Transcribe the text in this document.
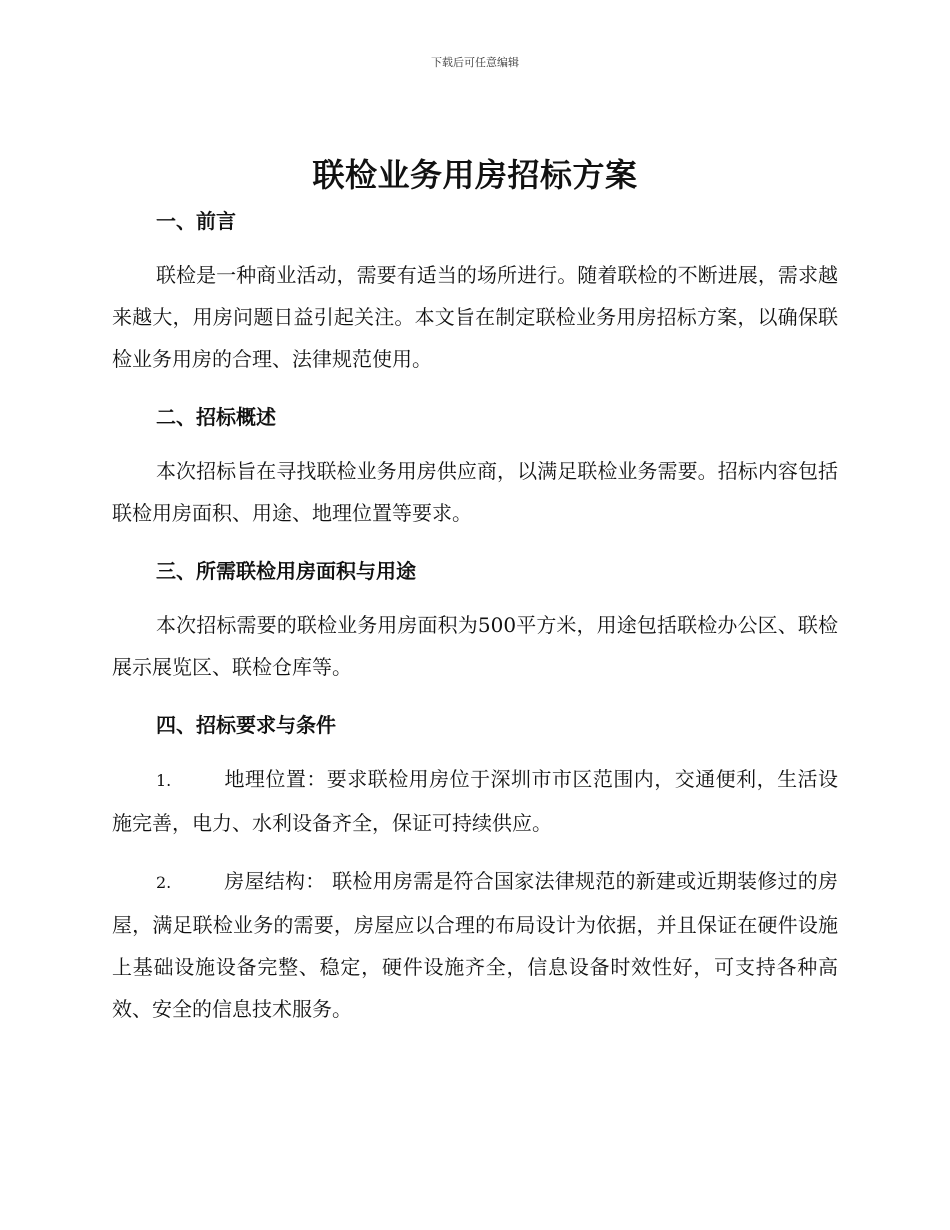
下载后可任意编辑
联检业务用房招标方案

一、前言

联检是一种商业活动，需要有适当的场所进行。随着联检的不断进展，需求越来越大，用房问题日益引起关注。本文旨在制定联检业务用房招标方案，以确保联检业务用房的合理、法律规范使用。

二、招标概述

本次招标旨在寻找联检业务用房供应商，以满足联检业务需要。招标内容包括联检用房面积、用途、地理位置等要求。

三、所需联检用房面积与用途

本次招标需要的联检业务用房面积为500平方米，用途包括联检办公区、联检展示展览区、联检仓库等。

四、招标要求与条件

1.	地理位置：要求联检用房位于深圳市市区范围内，交通便利，生活设施完善，电力、水利设备齐全，保证可持续供应。

2.	房屋结构： 联检用房需是符合国家法律规范的新建或近期装修过的房屋，满足联检业务的需要，房屋应以合理的布局设计为依据，并且保证在硬件设施上基础设施设备完整、稳定，硬件设施齐全，信息设备时效性好，可支持各种高效、安全的信息技术服务。
